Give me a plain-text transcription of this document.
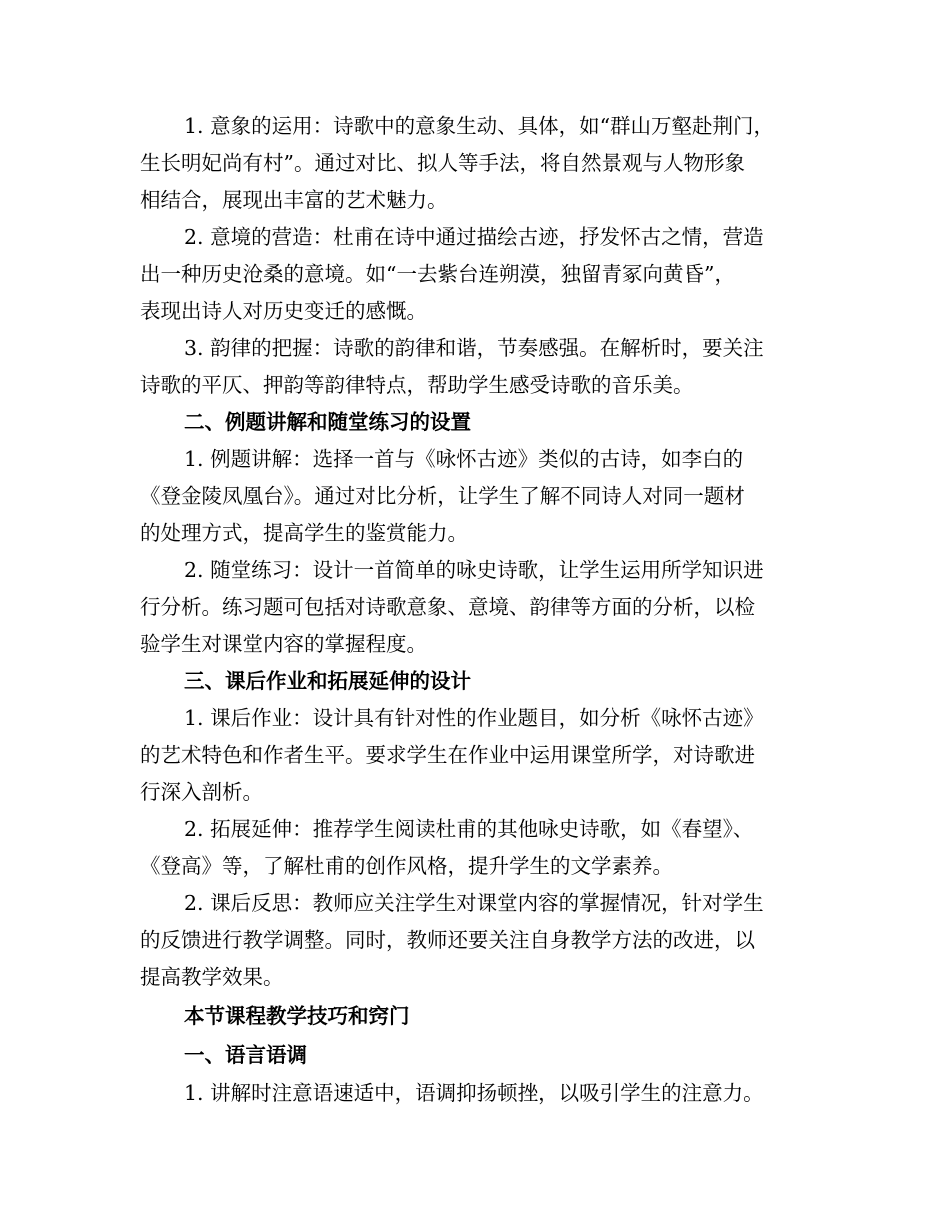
1. 意象的运用：诗歌中的意象生动、具体，如“群山万壑赴荆门，
生长明妃尚有村”。通过对比、拟人等手法，将自然景观与人物形象
相结合，展现出丰富的艺术魅力。
2. 意境的营造：杜甫在诗中通过描绘古迹，抒发怀古之情，营造
出一种历史沧桑的意境。如“一去紫台连朔漠，独留青冢向黄昏”，
表现出诗人对历史变迁的感慨。
3. 韵律的把握：诗歌的韵律和谐，节奏感强。在解析时，要关注
诗歌的平仄、押韵等韵律特点，帮助学生感受诗歌的音乐美。
二、例题讲解和随堂练习的设置
1. 例题讲解：选择一首与《咏怀古迹》类似的古诗，如李白的
《登金陵凤凰台》。通过对比分析，让学生了解不同诗人对同一题材
的处理方式，提高学生的鉴赏能力。
2. 随堂练习：设计一首简单的咏史诗歌，让学生运用所学知识进
行分析。练习题可包括对诗歌意象、意境、韵律等方面的分析，以检
验学生对课堂内容的掌握程度。
三、课后作业和拓展延伸的设计
1. 课后作业：设计具有针对性的作业题目，如分析《咏怀古迹》
的艺术特色和作者生平。要求学生在作业中运用课堂所学，对诗歌进
行深入剖析。
2. 拓展延伸：推荐学生阅读杜甫的其他咏史诗歌，如《春望》、
《登高》等，了解杜甫的创作风格，提升学生的文学素养。
2. 课后反思：教师应关注学生对课堂内容的掌握情况，针对学生
的反馈进行教学调整。同时，教师还要关注自身教学方法的改进，以
提高教学效果。
本节课程教学技巧和窍门
一、语言语调
1. 讲解时注意语速适中，语调抑扬顿挫，以吸引学生的注意力。
